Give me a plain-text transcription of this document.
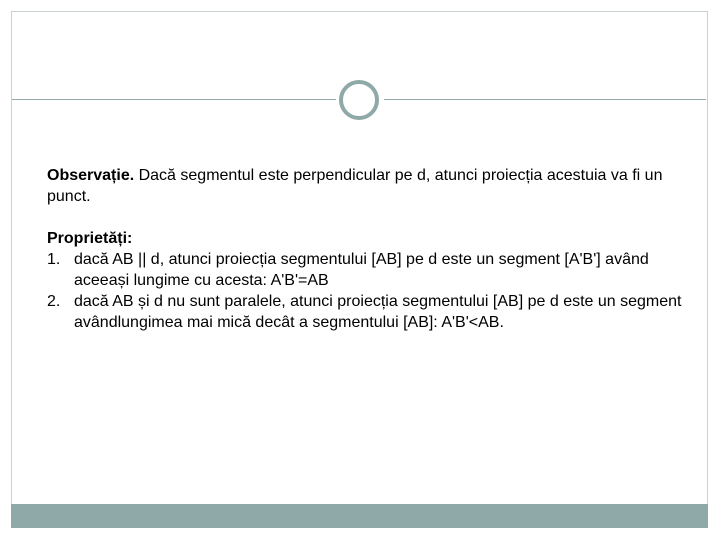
Observație. Dacă segmentul este perpendicular pe d, atunci proiecția acestuia va fi un punct.

Proprietăți:
1. dacă AB || d, atunci proiecția segmentului [AB] pe d este un segment [A'B'] având aceeași lungime cu acesta: A'B'=AB
2. dacă AB și d nu sunt paralele, atunci proiecția segmentului [AB] pe d este un segment avândlungimea mai mică decât a segmentului [AB]: A'B'<AB.
